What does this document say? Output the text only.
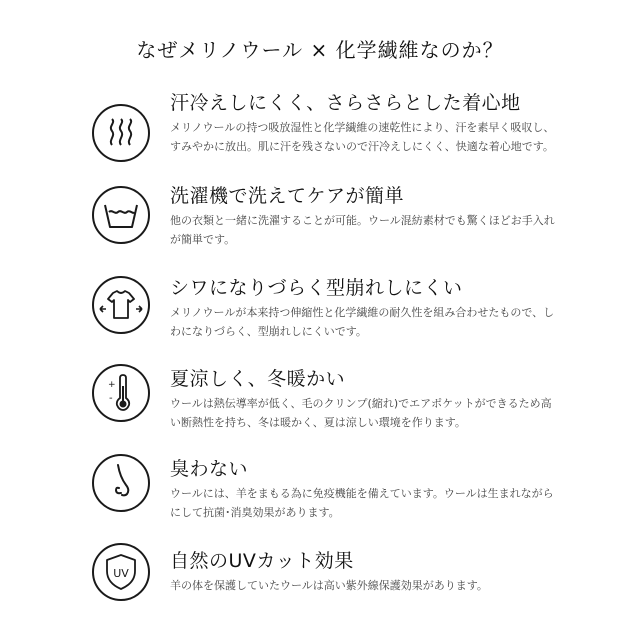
なぜメリノウール × 化学繊維なのか？
汗冷えしにくく、さらさらとした着心地
メリノウールの持つ吸放湿性と化学繊維の速乾性により、汗を素早く吸収し、すみやかに放出。肌に汗を残さないので汗冷えしにくく、快適な着心地です。
洗濯機で洗えてケアが簡単
他の衣類と一緒に洗濯することが可能。ウール混紡素材でも驚くほどお手入れが簡単です。
シワになりづらく型崩れしにくい
メリノウールが本来持つ伸縮性と化学繊維の耐久性を組み合わせたもので、しわになりづらく、型崩れしにくいです。
+
-
夏涼しく、冬暖かい
ウールは熱伝導率が低く、毛のクリンプ(縮れ)でエアポケットができるため高い断熱性を持ち、冬は暖かく、夏は涼しい環境を作ります。
臭わない
ウールには、羊をまもる為に免疫機能を備えています。ウールは生まれながらにして抗菌･消臭効果があります。
UV
自然のUVカット効果
羊の体を保護していたウールは高い紫外線保護効果があります。
